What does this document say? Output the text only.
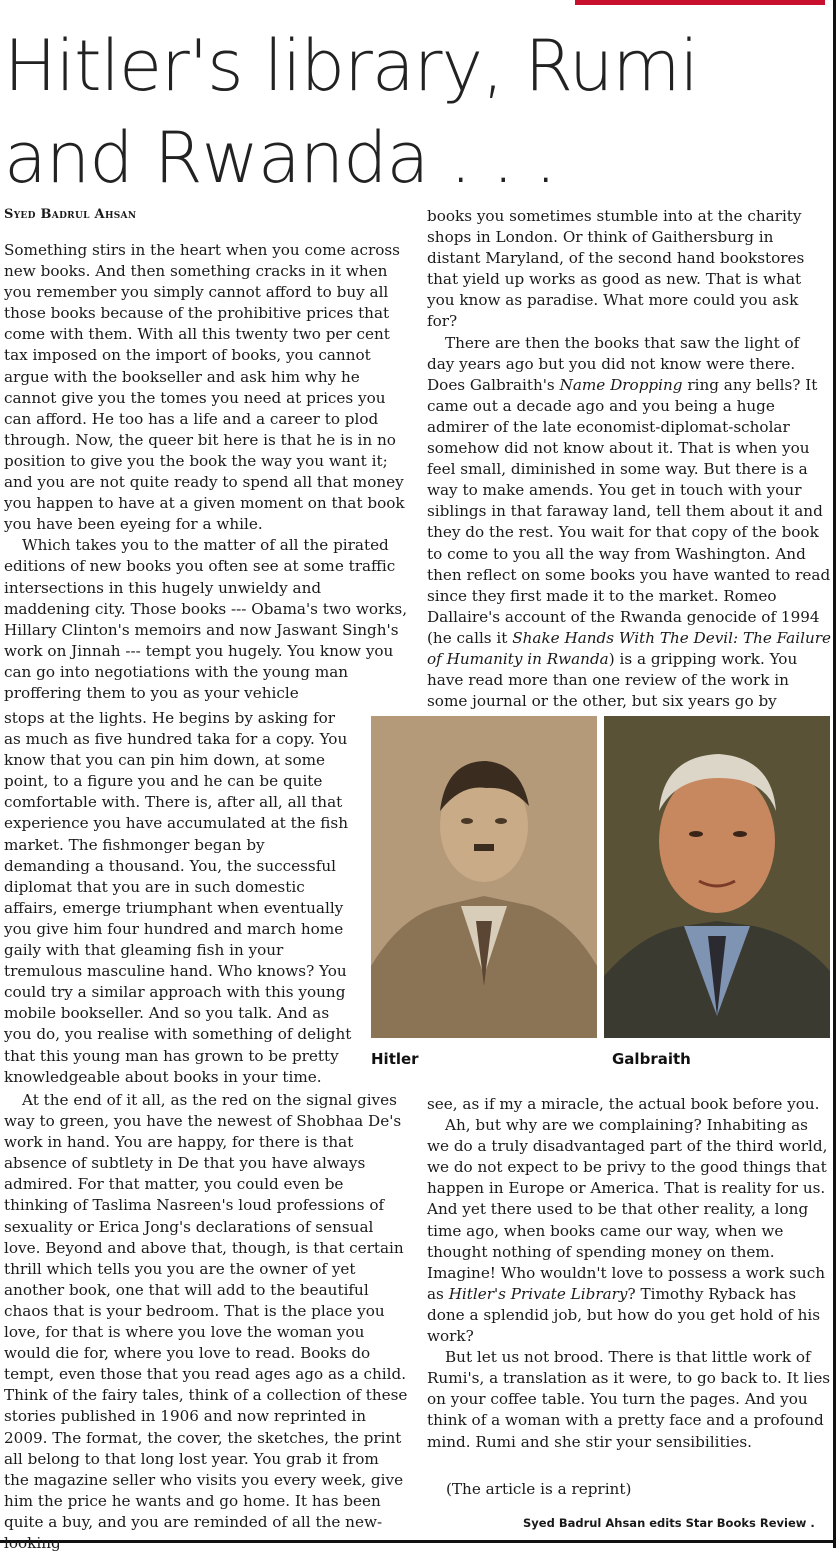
Hitler's library, Rumi and Rwanda . . .
Syed Badrul Ahsan

Something stirs in the heart when you come across new books. And then something cracks in it when you remember you simply cannot afford to buy all those books because of the prohibitive prices that come with them. With all this twenty two per cent tax imposed on the import of books, you cannot argue with the bookseller and ask him why he cannot give you the tomes you need at prices you can afford. He too has a life and a career to plod through. Now, the queer bit here is that he is in no position to give you the book the way you want it; and you are not quite ready to spend all that money you happen to have at a given moment on that book you have been eyeing for a while.

Which takes you to the matter of all the pirated editions of new books you often see at some traffic intersections in this hugely unwieldy and maddening city. Those books --- Obama's two works, Hillary Clinton's memoirs and now Jaswant Singh's work on Jinnah --- tempt you hugely. You know you can go into negotiations with the young man proffering them to you as your vehicle

stops at the lights. He begins by asking for as much as five hundred taka for a copy. You know that you can pin him down, at some point, to a figure you and he can be quite comfortable with. There is, after all, all that experience you have accumulated at the fish market. The fishmonger began by demanding a thousand. You, the successful diplomat that you are in such domestic affairs, emerge triumphant when eventually you give him four hundred and march home gaily with that gleaming fish in your tremulous masculine hand. Who knows? You could try a similar approach with this young mobile bookseller. And so you talk. And as you do, you realise with something of delight that this young man has grown to be pretty knowledgeable about books in your time.

At the end of it all, as the red on the signal gives way to green, you have the newest of Shobhaa De's work in hand. You are happy, for there is that absence of subtlety in De that you have always admired. For that matter, you could even be thinking of Taslima Nasreen's loud professions of sexuality or Erica Jong's declarations of sensual love. Beyond and above that, though, is that certain thrill which tells you you are the owner of yet another book, one that will add to the beautiful chaos that is your bedroom. That is the place you love, for that is where you love the woman you would die for, where you love to read. Books do tempt, even those that you read ages ago as a child. Think of the fairy tales, think of a collection of these stories published in 1906 and now reprinted in 2009. The format, the cover, the sketches, the print all belong to that long lost year. You grab it from the magazine seller who visits you every week, give him the price he wants and go home. It has been quite a buy, and you are reminded of all the new-looking

books you sometimes stumble into at the charity shops in London. Or think of Gaithersburg in distant Maryland, of the second hand bookstores that yield up works as good as new. That is what you know as paradise. What more could you ask for?

There are then the books that saw the light of day years ago but you did not know were there. Does Galbraith's Name Dropping ring any bells? It came out a decade ago and you being a huge admirer of the late economist-diplomat-scholar somehow did not know about it. That is when you feel small, diminished in some way. But there is a way to make amends. You get in touch with your siblings in that faraway land, tell them about it and they do the rest. You wait for that copy of the book to come to you all the way from Washington. And then reflect on some books you have wanted to read since they first made it to the market. Romeo Dallaire's account of the Rwanda genocide of 1994 (he calls it Shake Hands With The Devil: The Failure of Humanity in Rwanda) is a gripping work. You have read more than one review of the work in some journal or the other, but six years go by

Hitler	Galbraith

see, as if my a miracle, the actual book before you.

Ah, but why are we complaining? Inhabiting as we do a truly disadvantaged part of the third world, we do not expect to be privy to the good things that happen in Europe or America. That is reality for us. And yet there used to be that other reality, a long time ago, when books came our way, when we thought nothing of spending money on them. Imagine! Who wouldn't love to possess a work such as Hitler's Private Library? Timothy Ryback has done a splendid job, but how do you get hold of his work?

But let us not brood. There is that little work of Rumi's, a translation as it were, to go back to. It lies on your coffee table. You turn the pages. And you think of a woman with a pretty face and a profound mind. Rumi and she stir your sensibilities.

(The article is a reprint)

Syed Badrul Ahsan edits Star Books Review .
